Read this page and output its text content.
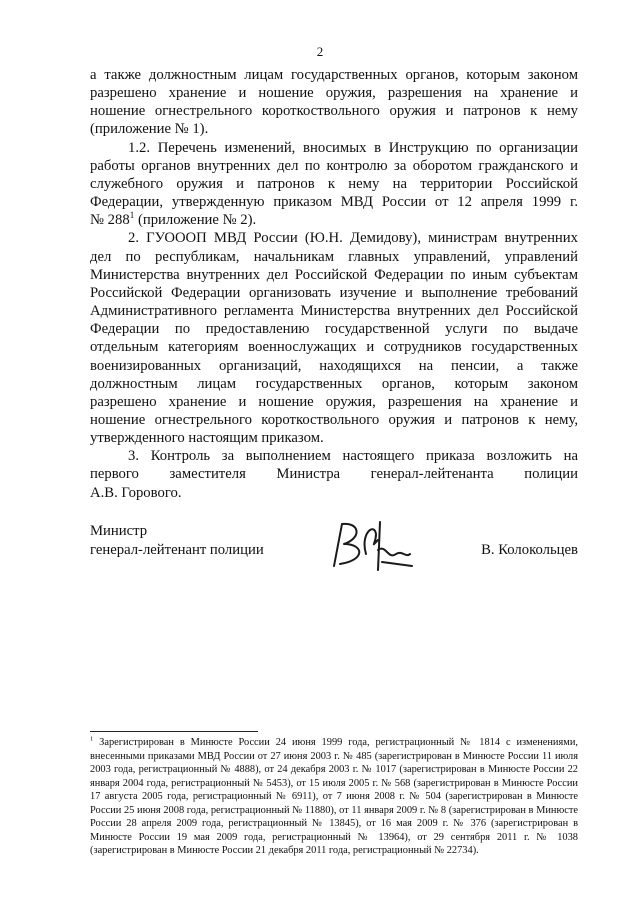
2
а также должностным лицам государственных органов, которым законом
разрешено хранение и ношение оружия, разрешения на хранение и
ношение огнестрельного короткоствольного оружия и патронов к нему
(приложение № 1).
1.2. Перечень изменений, вносимых в Инструкцию по организации
работы органов внутренних дел по контролю за оборотом гражданского и
служебного оружия и патронов к нему на территории Российской
Федерации, утвержденную приказом МВД России от 12 апреля 1999 г.
№ $288^1$ (приложение № 2).
2. ГУОООП МВД России (Ю.Н. Демидову), министрам внутренних
дел по республикам, начальникам главных управлений, управлений
Министерства внутренних дел Российской Федерации по иным субъектам
Российской Федерации организовать изучение и выполнение требований
Административного регламента Министерства внутренних дел Российской
Федерации по предоставлению государственной услуги по выдаче
отдельным категориям военнослужащих и сотрудников государственных
военизированных организаций, находящихся на пенсии, а также
должностным лицам государственных органов, которым законом
разрешено хранение и ношение оружия, разрешения на хранение и
ношение огнестрельного короткоствольного оружия и патронов к нему,
утвержденного настоящим приказом.
3. Контроль за выполнением настоящего приказа возложить на
первого заместителя Министра генерал-лейтенанта полиции
А.В. Горового.
Министр
генерал-лейтенант полиции	В. Колокольцев
$^1$ Зарегистрирован в Минюсте России 24 июня 1999 года, регистрационный № 1814 с изменениями, внесенными приказами МВД России от 27 июня 2003 г. № 485 (зарегистрирован в Минюсте России 11 июля 2003 года, регистрационный № 4888), от 24 декабря 2003 г. № 1017 (зарегистрирован в Минюсте России 22 января 2004 года, регистрационный № 5453), от 15 июля 2005 г. № 568 (зарегистрирован в Минюсте России 17 августа 2005 года, регистрационный № 6911), от 7 июня 2008 г. № 504 (зарегистрирован в Минюсте России 25 июня 2008 года, регистрационный № 11880), от 11 января 2009 г. № 8 (зарегистрирован в Минюсте России 28 апреля 2009 года, регистрационный № 13845), от 16 мая 2009 г. № 376 (зарегистрирован в Минюсте России 19 мая 2009 года, регистрационный № 13964), от 29 сентября 2011 г. № 1038 (зарегистрирован в Минюсте России 21 декабря 2011 года, регистрационный № 22734).
